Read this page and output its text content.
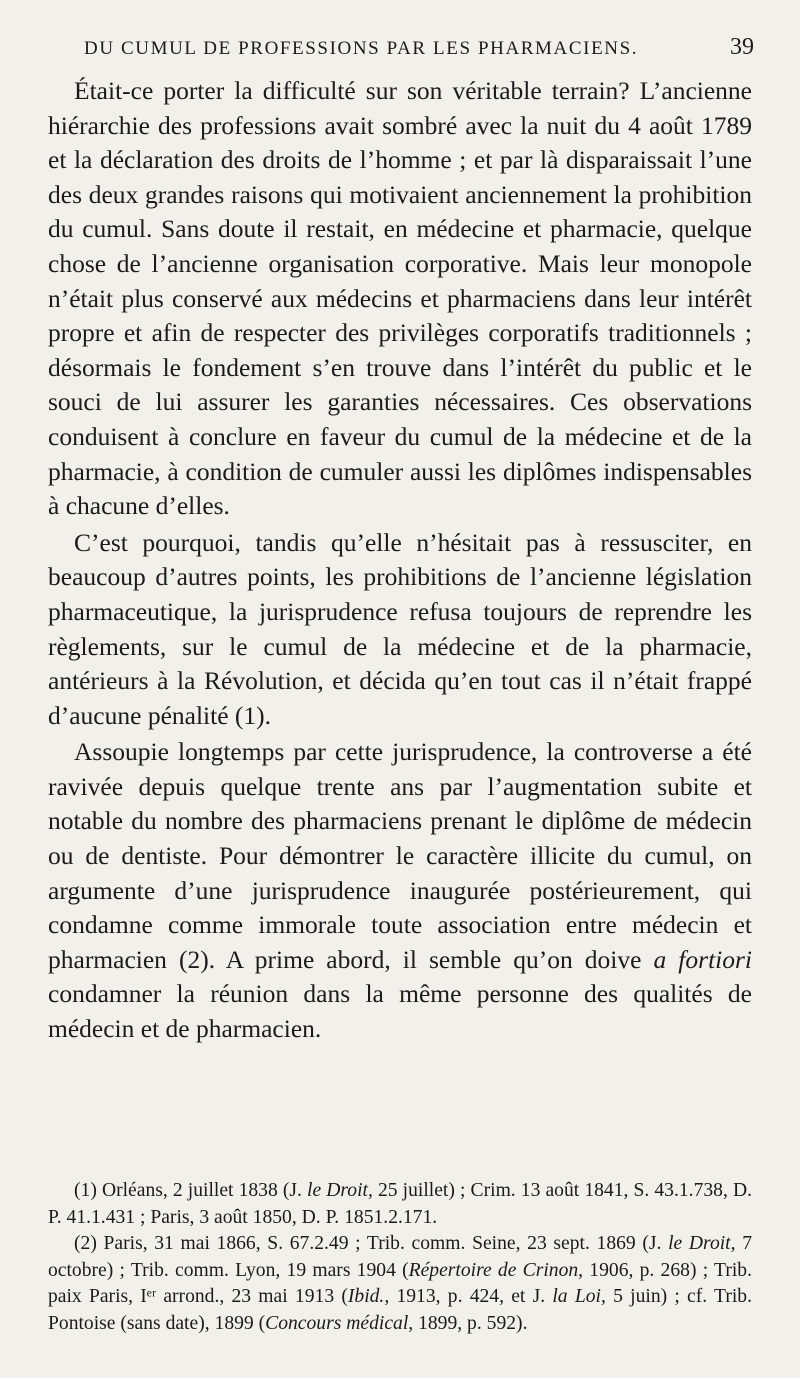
DU CUMUL DE PROFESSIONS PAR LES PHARMACIENS.	39

Était-ce porter la difficulté sur son véritable terrain? L’ancienne hiérarchie des professions avait sombré avec la nuit du 4 août 1789 et la déclaration des droits de l’homme ; et par là disparaissait l’une des deux grandes raisons qui motivaient anciennement la prohibition du cumul. Sans doute il restait, en médecine et pharmacie, quelque chose de l’ancienne organisation corporative. Mais leur monopole n’était plus conservé aux médecins et pharmaciens dans leur intérêt propre et afin de respecter des privilèges corporatifs traditionnels ; désormais le fondement s’en trouve dans l’intérêt du public et le souci de lui assurer les garanties nécessaires. Ces observations conduisent à conclure en faveur du cumul de la médecine et de la pharmacie, à condition de cumuler aussi les diplômes indispensables à chacune d’elles.

C’est pourquoi, tandis qu’elle n’hésitait pas à ressusciter, en beaucoup d’autres points, les prohibitions de l’ancienne législation pharmaceutique, la jurisprudence refusa toujours de reprendre les règlements, sur le cumul de la médecine et de la pharmacie, antérieurs à la Révolution, et décida qu’en tout cas il n’était frappé d’aucune pénalité (1).

Assoupie longtemps par cette jurisprudence, la controverse a été ravivée depuis quelque trente ans par l’augmentation subite et notable du nombre des pharmaciens prenant le diplôme de médecin ou de dentiste. Pour démontrer le caractère illicite du cumul, on argumente d’une jurisprudence inaugurée postérieurement, qui condamne comme immorale toute association entre médecin et pharmacien (2). A prime abord, il semble qu’on doive a fortiori condamner la réunion dans la même personne des qualités de médecin et de pharmacien.

(1) Orléans, 2 juillet 1838 (J. le Droit, 25 juillet) ; Crim. 13 août 1841, S. 43.1.738, D. P. 41.1.431 ; Paris, 3 août 1850, D. P. 1851.2.171.

(2) Paris, 31 mai 1866, S. 67.2.49 ; Trib. comm. Seine, 23 sept. 1869 (J. le Droit, 7 octobre) ; Trib. comm. Lyon, 19 mars 1904 (Répertoire de Crinon, 1906, p. 268) ; Trib. paix Paris, Iᵉʳ arrond., 23 mai 1913 (Ibid., 1913, p. 424, et J. la Loi, 5 juin) ; cf. Trib. Pontoise (sans date), 1899 (Concours médical, 1899, p. 592).
